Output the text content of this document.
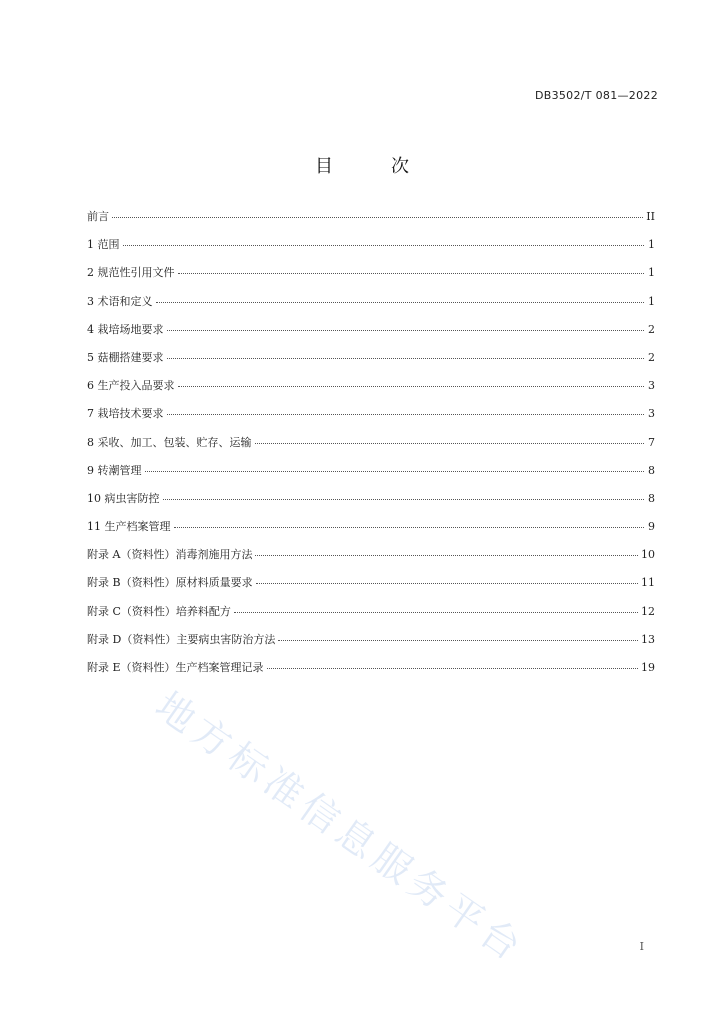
DB3502/T 081—2022
目　次
前言	II
1 范围	1
2 规范性引用文件	1
3 术语和定义	1
4 栽培场地要求	2
5 菇棚搭建要求	2
6 生产投入品要求	3
7 栽培技术要求	3
8 采收、加工、包装、贮存、运输	7
9 转潮管理	8
10 病虫害防控	8
11 生产档案管理	9
附录 A（资料性）消毒剂施用方法	10
附录 B（资料性）原材料质量要求	11
附录 C（资料性）培养料配方	12
附录 D（资料性）主要病虫害防治方法	13
附录 E（资料性）生产档案管理记录	19
地方标准信息服务平台	I
